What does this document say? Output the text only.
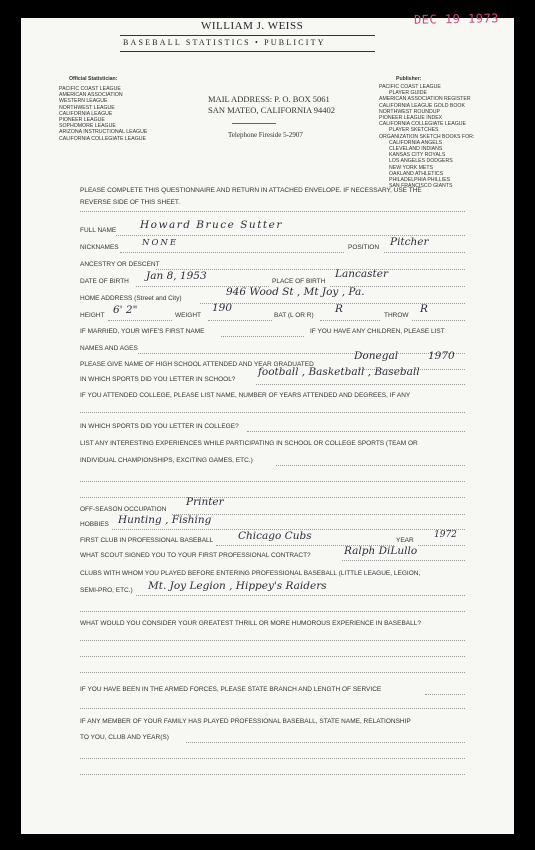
DEC 19 1973
WILLIAM J. WEISS
BASEBALL STATISTICS • PUBLICITY
Official Statistician:
PACIFIC COAST LEAGUE
AMERICAN ASSOCIATION
WESTERN LEAGUE
NORTHWEST LEAGUE
CALIFORNIA LEAGUE
PIONEER LEAGUE
SOPHOMORE LEAGUE
ARIZONA INSTRUCTIONAL LEAGUE
CALIFORNIA COLLEGIATE LEAGUE
Publisher:
PACIFIC COAST LEAGUE
PLAYER GUIDE
AMERICAN ASSOCIATION REGISTER
CALIFORNIA LEAGUE GOLD BOOK
NORTHWEST ROUNDUP
PIONEER LEAGUE INDEX
CALIFORNIA COLLEGIATE LEAGUE
PLAYER SKETCHES
ORGANIZATION SKETCH BOOKS FOR:
CALIFORNIA ANGELS
CLEVELAND INDIANS
KANSAS CITY ROYALS
LOS ANGELES DODGERS
NEW YORK METS
OAKLAND ATHLETICS
PHILADELPHIA PHILLIES
SAN FRANCISCO GIANTS
MAIL ADDRESS: P. O. BOX 5061
SAN MATEO, CALIFORNIA 94402
Telephone Fireside 5-2907
PLEASE COMPLETE THIS QUESTIONNAIRE AND RETURN IN ATTACHED ENVELOPE. IF NECESSARY, USE THE
REVERSE SIDE OF THIS SHEET.
FULL NAME Howard Bruce Sutter
NICKNAMES	NONE	POSITION Pitcher
ANCESTRY OR DESCENT
DATE OF BIRTH Jan 8, 1953	PLACE OF BIRTH
Lancaster
HOME ADDRESS (Street and City)
946 Wood St , Mt Joy , Pa.
HEIGHT 6' 2"	WEIGHT
190
BAT (L OR R)
R
THROW
R
IF MARRIED, YOUR WIFE'S FIRST NAME	IF YOU HAVE ANY CHILDREN, PLEASE LIST
NAMES AND AGES
PLEASE GIVE NAME OF HIGH SCHOOL ATTENDED AND YEAR GRADUATED
Donegal	1970
IN WHICH SPORTS DID YOU LETTER IN SCHOOL?
football , Basketball , Baseball
IF YOU ATTENDED COLLEGE, PLEASE LIST NAME, NUMBER OF YEARS ATTENDED AND DEGREES, IF ANY
IN WHICH SPORTS DID YOU LETTER IN COLLEGE?
LIST ANY INTERESTING EXPERIENCES WHILE PARTICIPATING IN SCHOOL OR COLLEGE SPORTS (TEAM OR
INDIVIDUAL CHAMPIONSHIPS, EXCITING GAMES, ETC.)
OFF-SEASON OCCUPATION
Printer
HOBBIES Hunting , Fishing
FIRST CLUB IN PROFESSIONAL BASEBALL Chicago Cubs	YEAR
1972
WHAT SCOUT SIGNED YOU TO YOUR FIRST PROFESSIONAL CONTRACT?	Ralph DiLullo
CLUBS WITH WHOM YOU PLAYED BEFORE ENTERING PROFESSIONAL BASEBALL (LITTLE LEAGUE, LEGION,
SEMI-PRO, ETC.) Mt. Joy Legion , Hippey's Raiders
WHAT WOULD YOU CONSIDER YOUR GREATEST THRILL OR MORE HUMOROUS EXPERIENCE IN BASEBALL?
IF YOU HAVE BEEN IN THE ARMED FORCES, PLEASE STATE BRANCH AND LENGTH OF SERVICE
IF ANY MEMBER OF YOUR FAMILY HAS PLAYED PROFESSIONAL BASEBALL, STATE NAME, RELATIONSHIP
TO YOU, CLUB AND YEAR(S)
